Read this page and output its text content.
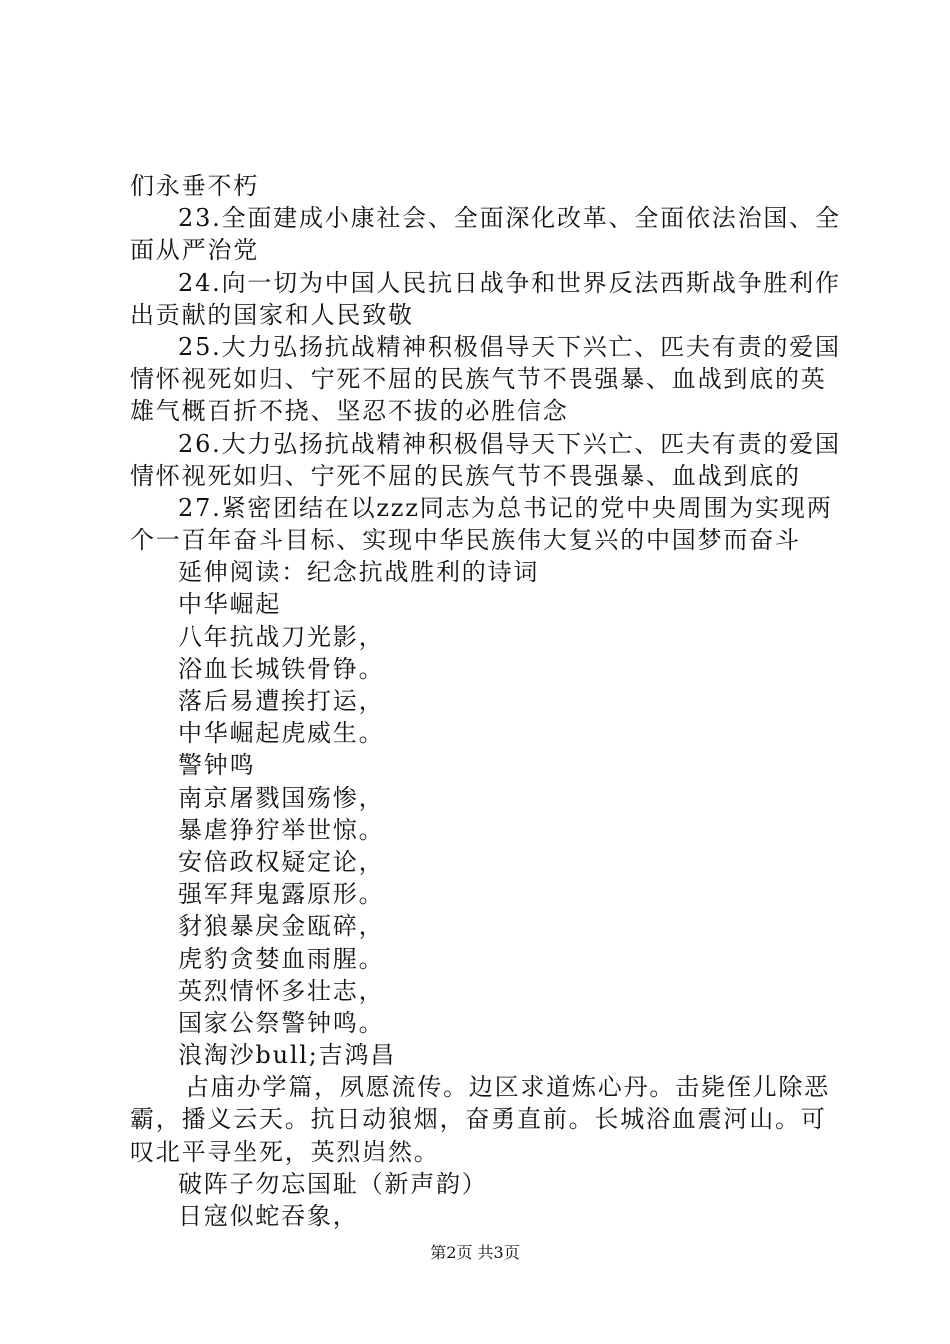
们永垂不朽
23.全面建成小康社会、全面深化改革、全面依法治国、全
面从严治党
24.向一切为中国人民抗日战争和世界反法西斯战争胜利作
出贡献的国家和人民致敬
25.大力弘扬抗战精神积极倡导天下兴亡、匹夫有责的爱国
情怀视死如归、宁死不屈的民族气节不畏强暴、血战到底的英
雄气概百折不挠、坚忍不拔的必胜信念
26.大力弘扬抗战精神积极倡导天下兴亡、匹夫有责的爱国
情怀视死如归、宁死不屈的民族气节不畏强暴、血战到底的
27.紧密团结在以zzz同志为总书记的党中央周围为实现两
个一百年奋斗目标、实现中华民族伟大复兴的中国梦而奋斗
延伸阅读：纪念抗战胜利的诗词
中华崛起
八年抗战刀光影，
浴血长城铁骨铮。
落后易遭挨打运，
中华崛起虎威生。
警钟鸣
南京屠戮国殇惨，
暴虐狰狞举世惊。
安倍政权疑定论，
强军拜鬼露原形。
豺狼暴戾金瓯碎，
虎豹贪婪血雨腥。
英烈情怀多壮志，
国家公祭警钟鸣。
浪淘沙bull;吉鸿昌
占庙办学篇，夙愿流传。边区求道炼心丹。击毙侄儿除恶
霸，播义云天。抗日动狼烟，奋勇直前。长城浴血震河山。可
叹北平寻坐死，英烈岿然。
破阵子勿忘国耻（新声韵）
日寇似蛇吞象，
第2页 共3页
